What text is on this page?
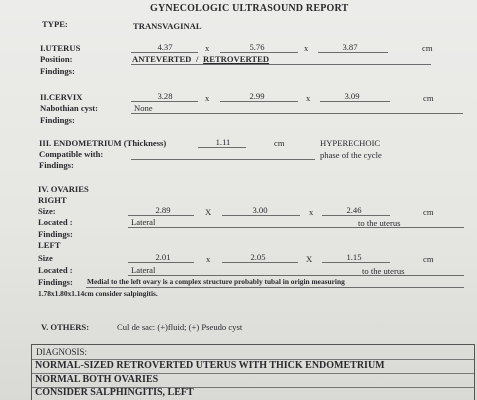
GYNECOLOGIC ULTRASOUND REPORT
TYPE:	TRANSVAGINAL
I.UTERUS	4.37	x	5.76	x	3.87	cm
Position:	ANTEVERTED / RETROVERTED
Findings:
II.CERVIX	3.28	x	2.99	x	3.09	cm
Nabothian cyst:	None
Findings:
III. ENDOMETRIUM (Thickness)	1.11	cm	HYPERECHOIC
Compatible with:	phase of the cycle
Findings:
IV. OVARIES
RIGHT
Size:	2.89	X	3.00	x	2.46	cm
Located :	Lateral	to the uterus
Findings:
LEFT
Size	2.01	x	2.05	X	1.15	cm
Located :	Lateral	to the uterus
Findings: Medial to the left ovary is a complex structure probably tubal in origin measuring
1.78x1.80x1.14cm consider salpingitis.
V. OTHERS:	Cul de sac: (+)fluid; (+) Pseudo cyst
DIAGNOSIS:
NORMAL-SIZED RETROVERTED UTERUS WITH THICK ENDOMETRIUM
NORMAL BOTH OVARIES
CONSIDER SALPHINGITIS, LEFT
